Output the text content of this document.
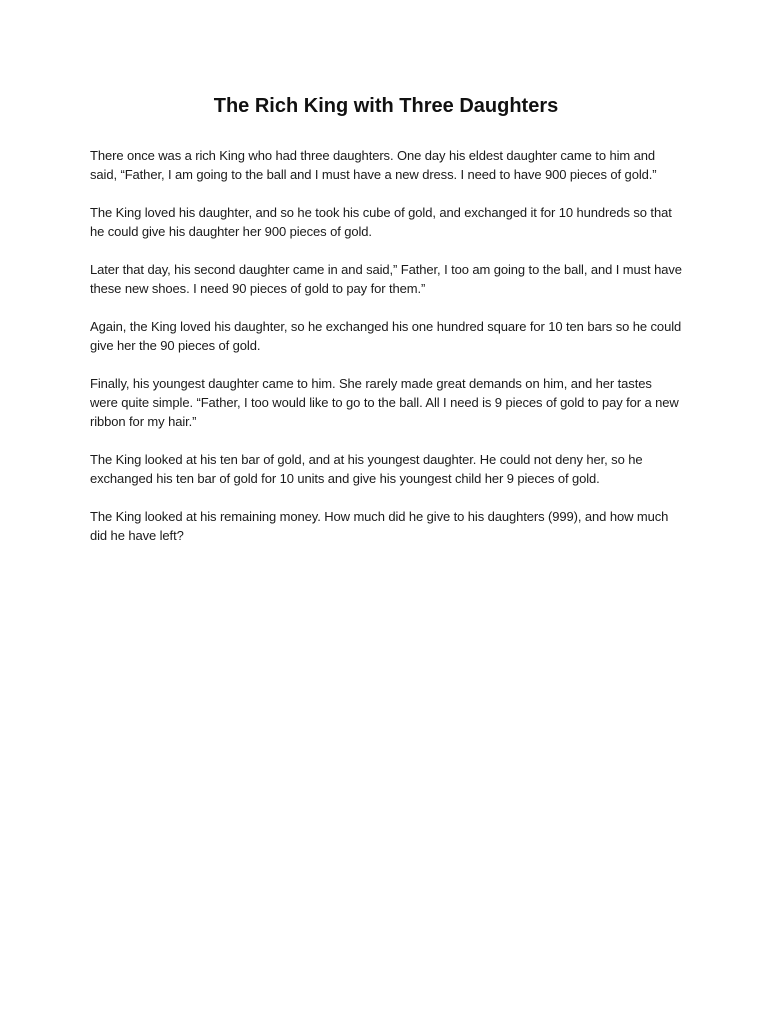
The Rich King with Three Daughters

There once was a rich King who had three daughters. One day his eldest daughter came to him and said, “Father, I am going to the ball and I must have a new dress. I need to have 900 pieces of gold.”

The King loved his daughter, and so he took his cube of gold, and exchanged it for 10 hundreds so that he could give his daughter her 900 pieces of gold.

Later that day, his second daughter came in and said,” Father, I too am going to the ball, and I must have these new shoes. I need 90 pieces of gold to pay for them.”

Again, the King loved his daughter, so he exchanged his one hundred square for 10 ten bars so he could give her the 90 pieces of gold.

Finally, his youngest daughter came to him. She rarely made great demands on him, and her tastes were quite simple. “Father, I too would like to go to the ball. All I need is 9 pieces of gold to pay for a new ribbon for my hair.”

The King looked at his ten bar of gold, and at his youngest daughter. He could not deny her, so he exchanged his ten bar of gold for 10 units and give his youngest child her 9 pieces of gold.

The King looked at his remaining money. How much did he give to his daughters (999), and how much did he have left?
